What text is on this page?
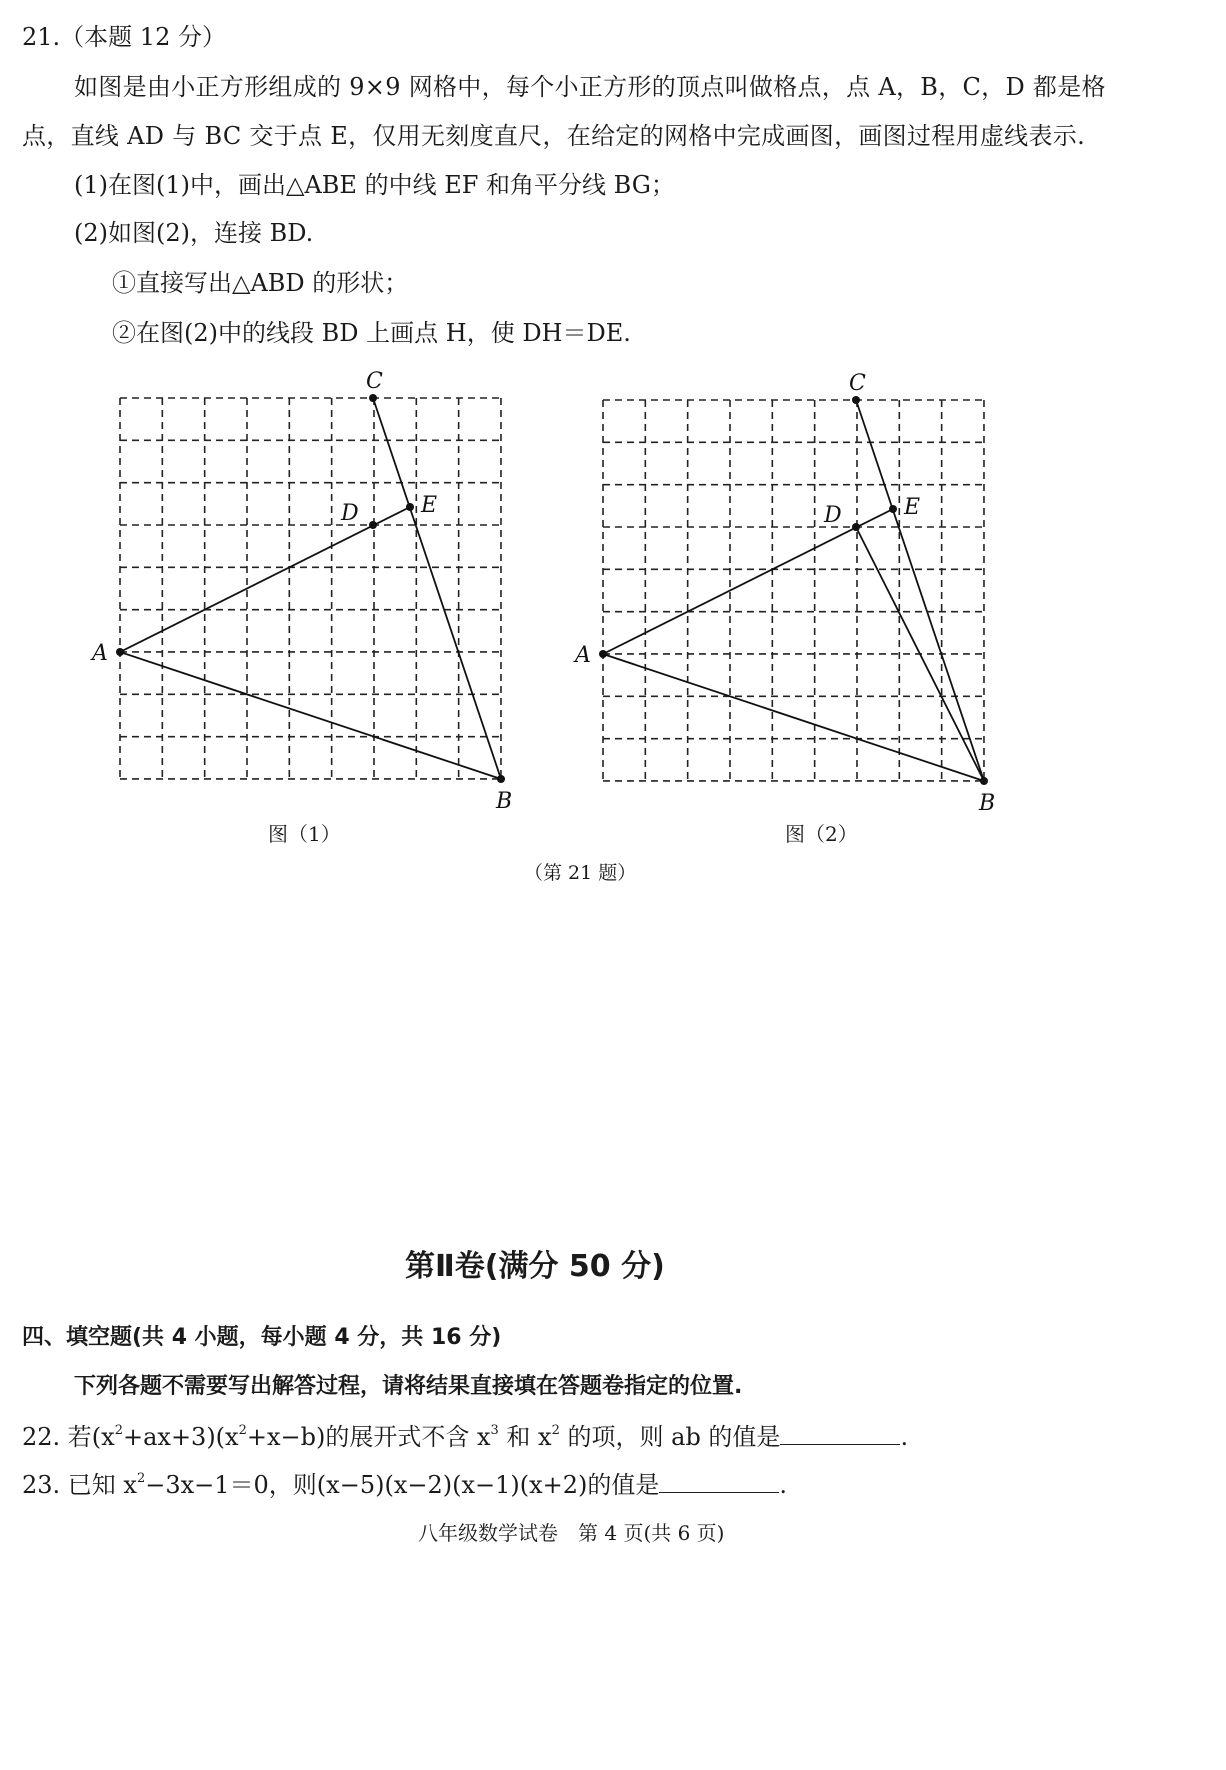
21.（本题 12 分）
如图是由小正方形组成的 9×9 网格中，每个小正方形的顶点叫做格点，点 A，B，C，D 都是格
点，直线 AD 与 BC 交于点 E，仅用无刻度直尺，在给定的网格中完成画图，画图过程用虚线表示.
(1)在图(1)中，画出△ABE 的中线 EF 和角平分线 BG；
(2)如图(2)，连接 BD.
①直接写出△ABD 的形状；
②在图(2)中的线段 BD 上画点 H，使 DH＝DE.
A
B
C
D	E
图（1）
A
B
C
D	E
图（2）
（第 21 题）
第Ⅱ卷(满分 50 分)
四、填空题(共 4 小题，每小题 4 分，共 16 分)
下列各题不需要写出解答过程，请将结果直接填在答题卷指定的位置.
22. 若$(x^2+ax+3)(x^2+x-b)$的展开式不含 $x^3$ 和 $x^2$ 的项，则 ab 的值是	.
23. 已知 $x^2-3x-1=0$，则(x−5)(x−2)(x−1)(x+2)的值是	.
八年级数学试卷　第 4 页(共 6 页)
